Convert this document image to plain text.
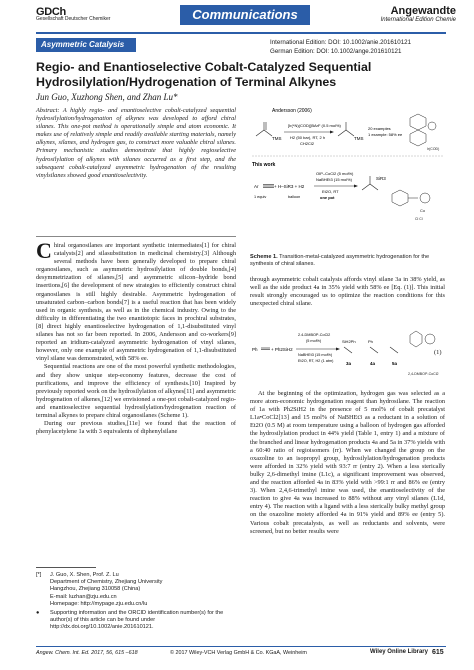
GDCh
Gesellschaft Deutscher Chemiker	Communications	Angewandte
International Edition Chemie
Asymmetric Catalysis	International Edition: DOI: 10.1002/anie.201610121
German Edition: DOI: 10.1002/ange.201610121
Regio- and Enantioselective Cobalt-Catalyzed Sequential Hydrosilylation/Hydrogenation of Terminal Alkynes
Jun Guo, Xuzhong Shen, and Zhan Lu*
Abstract: A highly regio- and enantioselective cobalt-catalyzed sequential hydrosilylation/hydrogenation of alkynes was developed to afford chiral silanes. This one-pot method is operationally simple and atom economic. It makes use of relatively simple and readily available starting materials, namely alkynes, silanes, and hydrogen gas, to construct more valuable chiral silanes. Primary mechanistic studies demonstrate that highly regioselective hydrosilylation of alkynes with silanes occurred as a first step, and the subsequent cobalt-catalyzed asymmetric hydrogenation of the resulting vinylsilanes showed good enantioselectivity.

Chiral organosilanes are important synthetic intermediates[1] for chiral catalysts[2] and silasubstitution in medicinal chemistry.[3] Although several methods have been generally developed to prepare chiral organosilanes, such as asymmetric hydrosilylation of double bonds,[4] desymmetrization of silanes,[5] and asymmetric silicon–hydride bond insertions,[6] the development of new strategies to efficiently construct chiral organosilanes is still highly desirable. Asymmetric hydrogenation of unsaturated carbon–carbon bonds[7] is a useful reaction that has been widely used in organic synthesis, as well as in the chemical industry. Owing to the difficulty in differentiating the two enantiotopic faces in prochiral substrates,[8] direct highly enantioselective hydrogenation of 1,1-disubstituted vinyl silanes has not so far been reported. In 2006, Andersson and co-workers[9] reported an iridium-catalyzed asymmetric hydrogenation of vinyl silanes, however, only one example of asymmetric hydrogenation of 1,1-disubstituted vinyl silane was demonstrated, with 58% ee.

Sequential reactions are one of the most powerful synthetic methodologies, and they show unique step-economy features, decrease the cost of purifications, and improve the efficiency of synthesis.[10] Inspired by previously reported work on the hydrosilylation of alkynes[11] and asymmetric hydrogenation of alkenes,[12] we envisioned a one-pot cobalt-catalyzed regio- and enantioselective sequential hydrosilylation/hydrogenation reaction of terminal alkynes to prepare chiral organosilanes (Scheme 1).

During our previous studies,[11e] we found that the reaction of phenylacetylene 1a with 3 equivalents of diphenylsilane

Andersson (2006)
TMS
[Ir(*N)(COD)]BArF (0.5 mol%)
H2 (50 bar), RT, 2 h
CH2Cl2
TMS
20 examples
1 example: 58% ee
Ir(COD)
This work
Ar	+ H–SiR3 + H2
1 equiv	balloon
OIP–CoCl2 (5 mol%)
NaBHEt3 (15 mol%)
Et2O, RT
one pot
SiR3
Co
Cl Cl
Scheme 1. Transition-metal-catalyzed asymmetric hydrogenation for the synthesis of chiral silanes.
through asymmetric cobalt catalysis affords vinyl silane 3a in 38% yield, as well as the side product 4a in 35% yield with 58% ee [Eq. (1)]. This initial result strongly encouraged us to optimize the reaction conditions for this unexpected chiral silane.
Ph	+ Ph2SiH2
2.4-DMBOP-CoCl2
(5 mol%)
NaBHEt3 (15 mol%)
Et2O, RT, H2 (1 atm)
SiH2Ph
3a
Ph
4a	5a
2,4-DMBOP-CoCl2
(1)
At the beginning of the optimization, hydrogen gas was selected as a more atom-economic hydrogenation reagent than hydrosilane. The reaction of 1a with Ph2SiH2 in the presence of 5 mol% of cobalt precatalyst L1a•CoCl2[13] and 15 mol% of NaBHEt3 as a reductant in a solution of Et2O (0.5 M) at room temperature using a balloon of hydrogen gas afforded the hydrosilylation product in 44% yield (Table 1, entry 1) and a mixture of the branched and linear hydrogenation products 4a and 5a in 37% yields with a 60:40 ratio of regioisomers (rr). When we changed the group on the oxazoline to an isopropyl group, hydrosilylation/hydrogenation products were afforded in 32% yield with 93:7 rr (entry 2). When a less sterically bulky 2,6-dimethyl imine (L1c), a significant improvement was observed, and the reaction afforded 4a in 83% yield with >99:1 rr and 86% ee (entry 3). When 2,4,6-trimethyl imine was used, the enantioselectivity of the reaction to give 4a was increased to 88% without any vinyl silanes (L1d, entry 4). The reaction with a ligand with a less sterically bulky methyl group on the oxazoline moiety afforded 4a in 91% yield and 89% ee (entry 5). Various cobalt precatalysts, as well as reductants and solvents, were screened, but no better results were
[*] J. Guo, X. Shen, Prof. Z. Lu
Department of Chemistry, Zhejiang University
Hangzhou, Zhejiang 310058 (China)
E-mail: luzhan@zju.edu.cn
Homepage: http://mypage.zju.edu.cn/lu
● Supporting information and the ORCID identification number(s) for the author(s) of this article can be found under http://dx.doi.org/10.1002/anie.201610121.
Angew. Chem. Int. Ed. 2017, 56, 615 –618	© 2017 Wiley-VCH Verlag GmbH & Co. KGaA, Weinheim	Wiley Online Library 615
